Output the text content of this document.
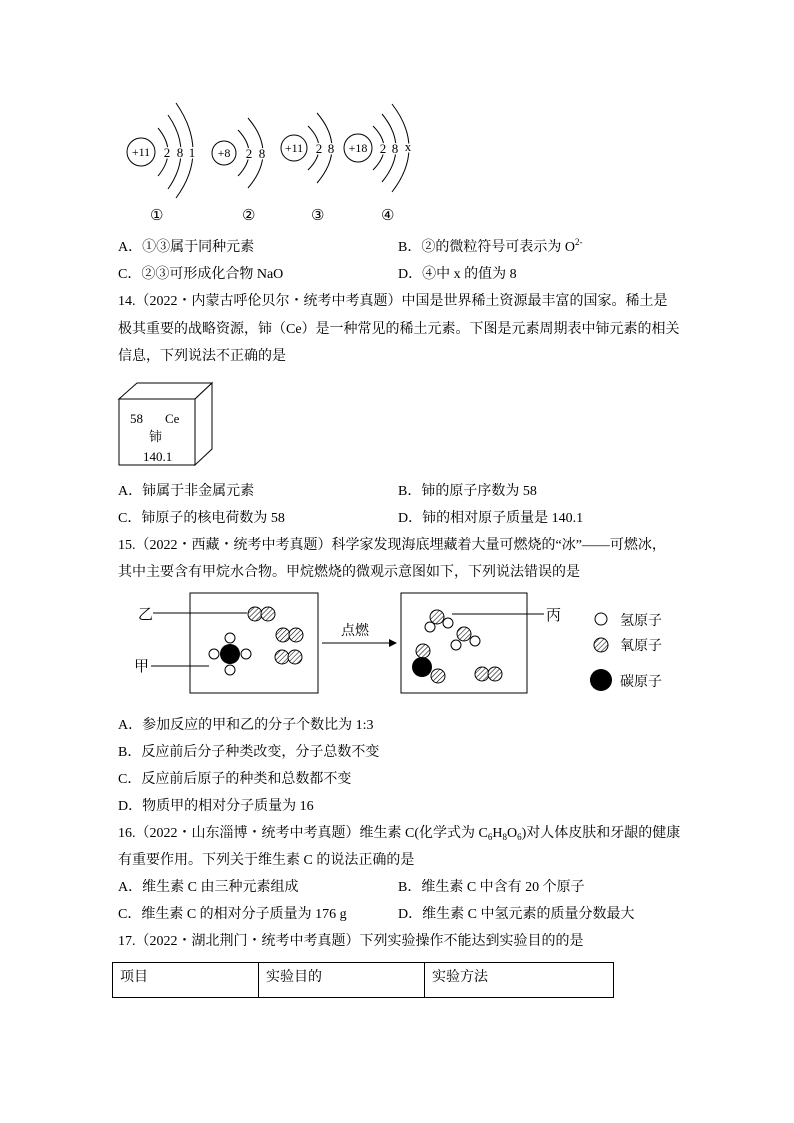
+11	+8	+11	+18
2 8 1	2 8	2 8	2 8 x
①	②	③	④
A．①③属于同种元素	B．②的微粒符号可表示为 $O^{2-}$
C．②③可形成化合物 NaO	D．④中 x 的值为 8
14.（2022・内蒙古呼伦贝尔・统考中考真题）中国是世界稀土资源最丰富的国家。稀土是
极其重要的战略资源，铈（Ce）是一种常见的稀土元素。下图是元素周期表中铈元素的相关
信息，下列说法不正确的是
58 Ce
铈
140.1
A．铈属于非金属元素	B．铈的原子序数为 58
C．铈原子的核电荷数为 58	D．铈的相对原子质量是 140.1
15.（2022・西藏・统考中考真题）科学家发现海底埋藏着大量可燃烧的“冰”——可燃冰，
其中主要含有甲烷水合物。甲烷燃烧的微观示意图如下，下列说法错误的是
乙
甲
丙
点燃
氢原子
氧原子
碳原子
A．参加反应的甲和乙的分子个数比为 1:3
B．反应前后分子种类改变，分子总数不变
C．反应前后原子的种类和总数都不变
D．物质甲的相对分子质量为 16
16.（2022・山东淄博・统考中考真题）维生素 C(化学式为 $C_6H_8O_6$)对人体皮肤和牙龈的健康
有重要作用。下列关于维生素 C 的说法正确的是
A．维生素 C 由三种元素组成	B．维生素 C 中含有 20 个原子
C．维生素 C 的相对分子质量为 176 g	D．维生素 C 中氢元素的质量分数最大
17.（2022・湖北荆门・统考中考真题）下列实验操作不能达到实验目的的是
项目	实验目的	实验方法
